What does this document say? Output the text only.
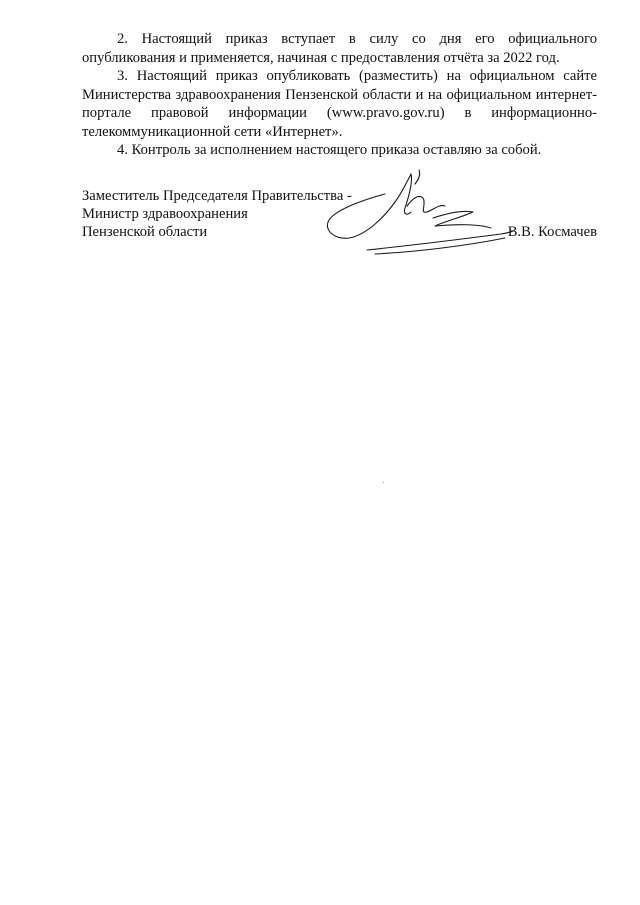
2. Настоящий приказ вступает в силу со дня его официального опубликования и применяется, начиная с предоставления отчёта за 2022 год.

3. Настоящий приказ опубликовать (разместить) на официальном сайте Министерства здравоохранения Пензенской области и на официальном интернет-портале правовой информации (www.pravo.gov.ru) в информационно-телекоммуникационной сети «Интернет».

4. Контроль за исполнением настоящего приказа оставляю за собой.

Заместитель Председателя Правительства -
Министр здравоохранения
Пензенской области	В.В. Космачев
